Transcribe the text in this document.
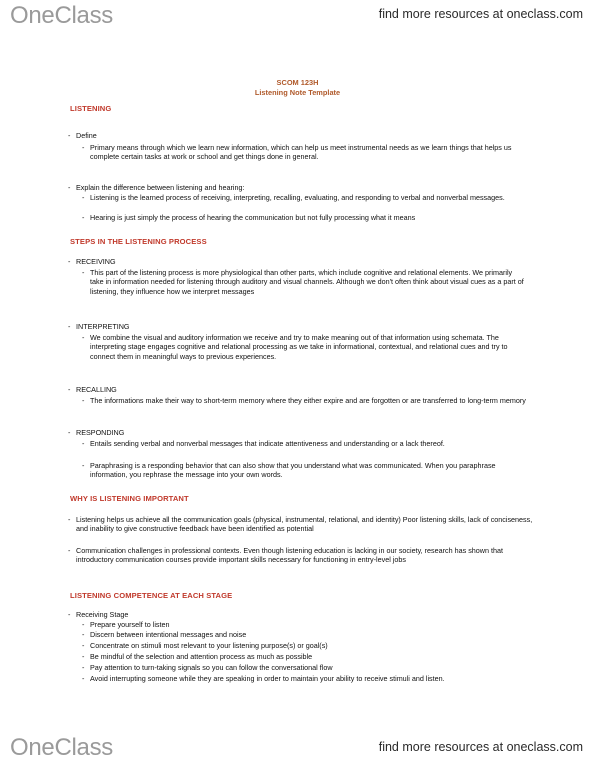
OneClass	find more resources at oneclass.com
SCOM 123H
Listening Note Template
LISTENING
- Define
- Primary means through which we learn new information, which can help us meet instrumental needs as we learn things that helps us complete certain tasks at work or school and get things done in general.
- Explain the difference between listening and hearing:
- Listening is the learned process of receiving, interpreting, recalling, evaluating, and responding to verbal and nonverbal messages.
- Hearing is just simply the process of hearing the communication but not fully processing what it means
STEPS IN THE LISTENING PROCESS
- RECEIVING
- This part of the listening process is more physiological than other parts, which include cognitive and relational elements. We primarily take in information needed for listening through auditory and visual channels. Although we don't often think about visual cues as a part of listening, they influence how we interpret messages
- INTERPRETING
- We combine the visual and auditory information we receive and try to make meaning out of that information using schemata. The interpreting stage engages cognitive and relational processing as we take in informational, contextual, and relational cues and try to connect them in meaningful ways to previous experiences.
- RECALLING
- The informations make their way to short-term memory where they either expire and are forgotten or are transferred to long-term memory
- RESPONDING
- Entails sending verbal and nonverbal messages that indicate attentiveness and understanding or a lack thereof.
- Paraphrasing is a responding behavior that can also show that you understand what was communicated. When you paraphrase information, you rephrase the message into your own words.
WHY IS LISTENING IMPORTANT
- Listening helps us achieve all the communication goals (physical, instrumental, relational, and identity) Poor listening skills, lack of conciseness, and inability to give constructive feedback have been identified as potential
- Communication challenges in professional contexts. Even though listening education is lacking in our society, research has shown that introductory communication courses provide important skills necessary for functioning in entry-level jobs
LISTENING COMPETENCE AT EACH STAGE
- Receiving Stage
- Prepare yourself to listen
- Discern between intentional messages and noise
- Concentrate on stimuli most relevant to your listening purpose(s) or goal(s)
- Be mindful of the selection and attention process as much as possible
- Pay attention to turn-taking signals so you can follow the conversational flow
- Avoid interrupting someone while they are speaking in order to maintain your ability to receive stimuli and listen.
OneClass	find more resources at oneclass.com
